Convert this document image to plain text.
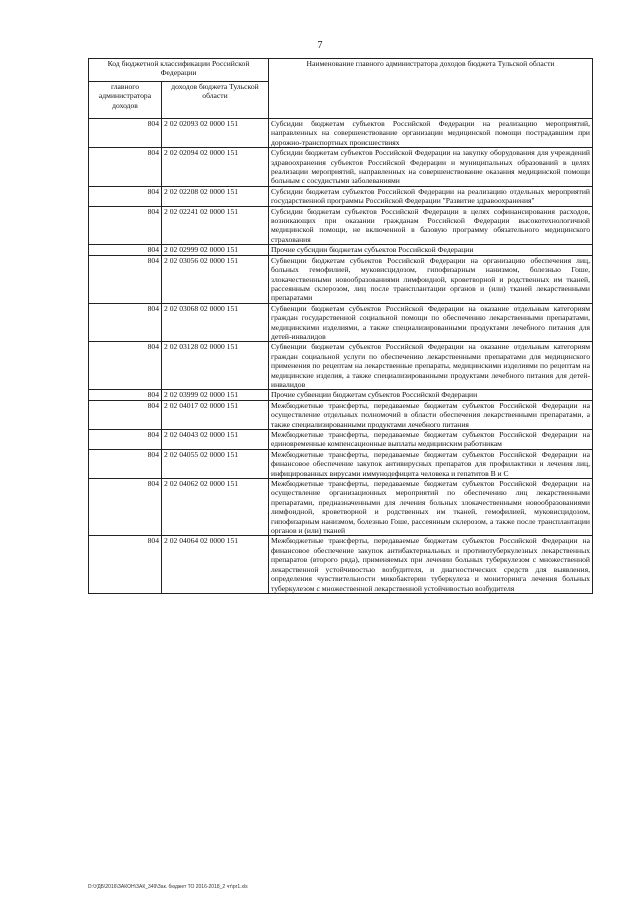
7
Код бюджетной классификации Российской Федерации		Наименование главного администратора доходов бюджета Тульской области
главного администратора доходов	доходов бюджета Тульской области	
804	2 02 02093 02 0000 151	Субсидии бюджетам субъектов Российской Федерации на реализацию мероприятий, направленных на совершенствование организации медицинской помощи пострадавшим при дорожно-транспортных происшествиях
804	2 02 02094 02 0000 151	Субсидии бюджетам субъектов Российской Федерации на закупку оборудования для учреждений здравоохранения субъектов Российской Федерации и муниципальных образований в целях реализации мероприятий, направленных на совершенствование оказания медицинской помощи больным с сосудистыми заболеваниями
804	2 02 02208 02 0000 151	Субсидии бюджетам субъектов Российской Федерации на реализацию отдельных мероприятий государственной программы Российской Федерации "Развитие здравоохранения"
804	2 02 02241 02 0000 151	Субсидии бюджетам субъектов Российской Федерации в целях софинансирования расходов, возникающих при оказании гражданам Российской Федерации высокотехнологичной медицинской помощи, не включенной в базовую программу обязательного медицинского страхования
804	2 02 02999 02 0000 151	Прочие субсидии бюджетам субъектов Российской Федерации
804	2 02 03056 02 0000 151	Субвенции бюджетам субъектов Российской Федерации на организацию обеспечения лиц, больных гемофилией, муковисцидозом, гипофизарным нанизмом, болезнью Гоше, злокачественными новообразованиями лимфоидной, кроветворной и родственных им тканей, рассеянным склерозом, лиц после трансплантации органов и (или) тканей лекарственными препаратами
804	2 02 03068 02 0000 151	Субвенции бюджетам субъектов Российской Федерации на оказание отдельным категориям граждан государственной социальной помощи по обеспечению лекарственными препаратами, медицинскими изделиями, а также специализированными продуктами лечебного питания для детей-инвалидов
804	2 02 03128 02 0000 151	Субвенции бюджетам субъектов Российской Федерации на оказание отдельным категориям граждан социальной услуги по обеспечению лекарственными препаратами для медицинского применения по рецептам на лекарственные препараты, медицинскими изделиями по рецептам на медицинские изделия, а также специализированными продуктами лечебного питания для детей-инвалидов
804	2 02 03999 02 0000 151	Прочие субвенции бюджетам субъектов Российской Федерации
804	2 02 04017 02 0000 151	Межбюджетные трансферты, передаваемые бюджетам субъектов Российской Федерации на осуществление отдельных полномочий в области обеспечения лекарственными препаратами, а также специализированными продуктами лечебного питания
804	2 02 04043 02 0000 151	Межбюджетные трансферты, передаваемые бюджетам субъектов Российской Федерации на единовременные компенсационные выплаты медицинским работникам
804	2 02 04055 02 0000 151	Межбюджетные трансферты, передаваемые бюджетам субъектов Российской Федерации на финансовое обеспечение закупок антивирусных препаратов для профилактики и лечения лиц, инфицированных вирусами иммунодефицита человека и гепатитов В и С
804	2 02 04062 02 0000 151	Межбюджетные трансферты, передаваемые бюджетам субъектов Российской Федерации на осуществление организационных мероприятий по обеспечению лиц лекарственными препаратами, предназначенными для лечения больных злокачественными новообразованиями лимфоидной, кроветворной и родственных им тканей, гемофилией, муковисцидозом, гипофизарным нанизмом, болезнью Гоше, рассеянным склерозом, а также после трансплантации органов и (или) тканей
804	2 02 04064 02 0000 151	Межбюджетные трансферты, передаваемые бюджетам субъектов Российской Федерации на финансовое обеспечение закупок антибактериальных и противотуберкулезных лекарственных препаратов (второго ряда), применяемых при лечении больных туберкулезом с множественной лекарственной устойчивостью возбудителя, и диагностических средств для выявления, определения чувствительности микобактерии туберкулеза и мониторинга лечения больных туберкулезом с множественной лекарственной устойчивостью возбудителя
D:\УДБ\2016\ЗАКОН\ЗАК_349\Зак. бюджет ТО 2016-2018_2 чт\pr1.xls
